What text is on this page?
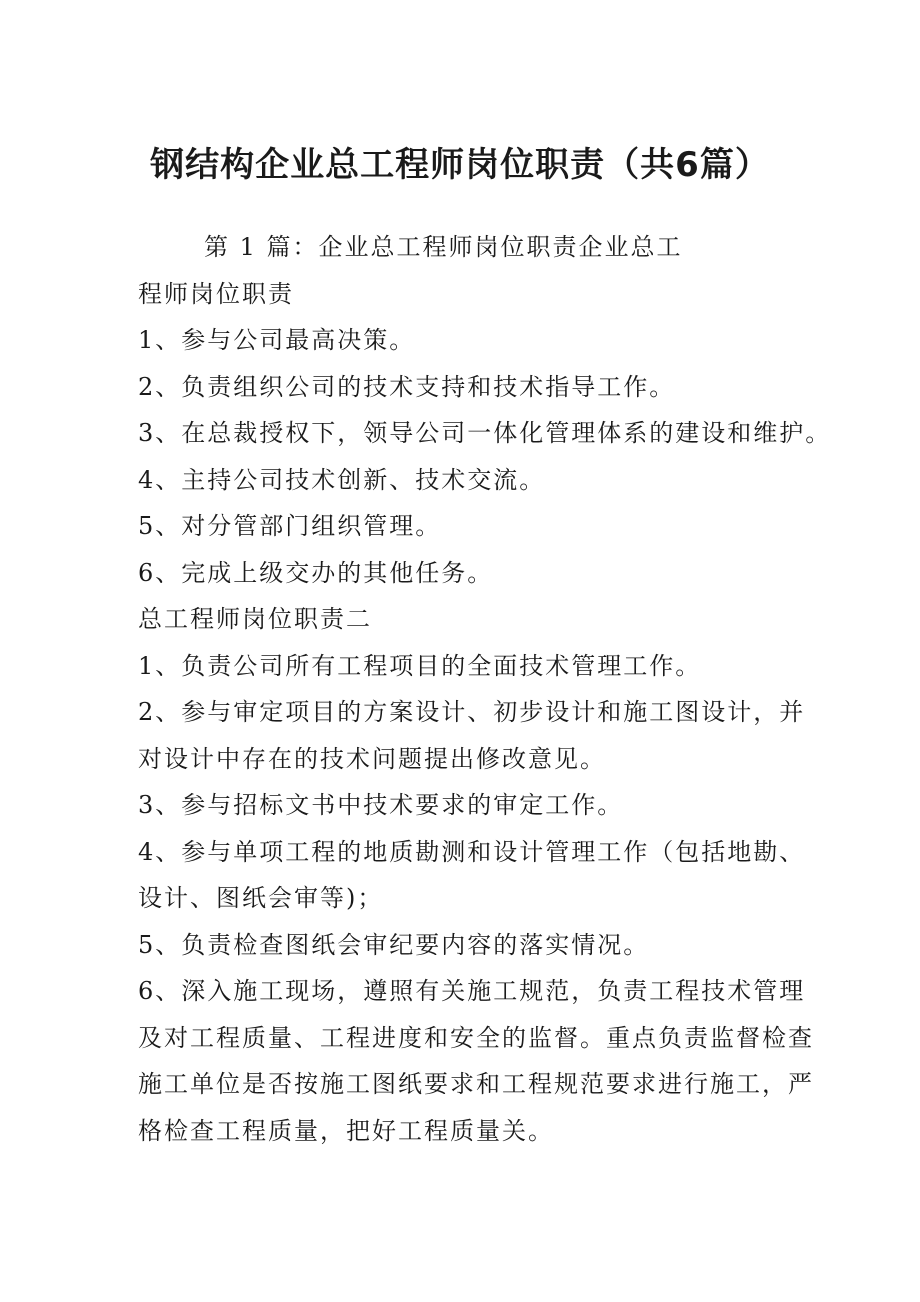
钢结构企业总工程师岗位职责（共6篇）
第 1 篇：企业总工程师岗位职责企业总工
程师岗位职责
1、参与公司最高决策。
2、负责组织公司的技术支持和技术指导工作。
3、在总裁授权下，领导公司一体化管理体系的建设和维护。
4、主持公司技术创新、技术交流。
5、对分管部门组织管理。
6、完成上级交办的其他任务。
总工程师岗位职责二
1、负责公司所有工程项目的全面技术管理工作。
2、参与审定项目的方案设计、初步设计和施工图设计，并
对设计中存在的技术问题提出修改意见。
3、参与招标文书中技术要求的审定工作。
4、参与单项工程的地质勘测和设计管理工作（包括地勘、
设计、图纸会审等)；
5、负责检查图纸会审纪要内容的落实情况。
6、深入施工现场，遵照有关施工规范，负责工程技术管理
及对工程质量、工程进度和安全的监督。重点负责监督检查
施工单位是否按施工图纸要求和工程规范要求进行施工，严
格检查工程质量，把好工程质量关。
